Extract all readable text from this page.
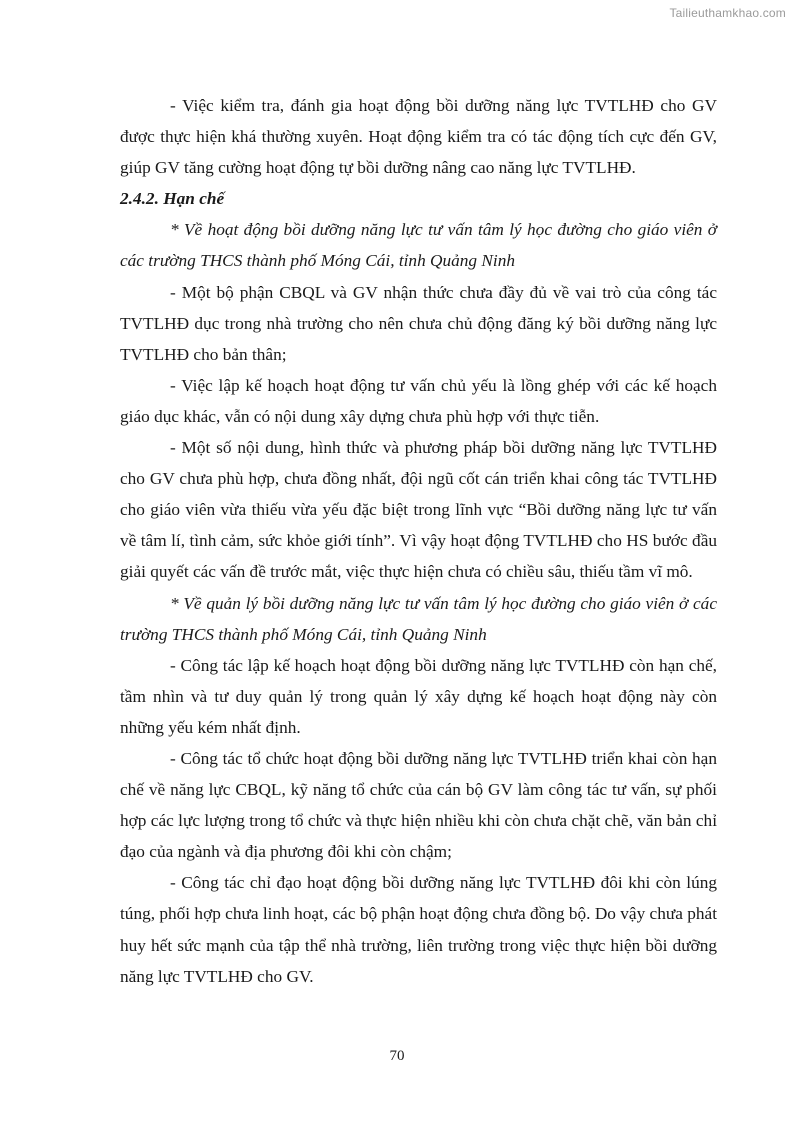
Tailieuthamkhao.com

- Việc kiểm tra, đánh gia hoạt động bồi dưỡng năng lực TVTLHĐ cho GV được thực hiện khá thường xuyên. Hoạt động kiểm tra có tác động tích cực đến GV, giúp GV tăng cường hoạt động tự bồi dưỡng nâng cao năng lực TVTLHĐ.

2.4.2. Hạn chế

* Về hoạt động bồi dưỡng năng lực tư vấn tâm lý học đường cho giáo viên ở các trường THCS thành phố Móng Cái, tỉnh Quảng Ninh

- Một bộ phận CBQL và GV nhận thức chưa đầy đủ về vai trò của công tác TVTLHĐ dục trong nhà trường cho nên chưa chủ động đăng ký bồi dưỡng năng lực TVTLHĐ cho bản thân;

- Việc lập kế hoạch hoạt động tư vấn chủ yếu là lồng ghép với các kế hoạch giáo dục khác, vẫn có nội dung xây dựng chưa phù hợp với thực tiễn.

- Một số nội dung, hình thức và phương pháp bồi dưỡng năng lực TVTLHĐ cho GV chưa phù hợp, chưa đồng nhất, đội ngũ cốt cán triển khai công tác TVTLHĐ cho giáo viên vừa thiếu vừa yếu đặc biệt trong lĩnh vực “Bồi dưỡng năng lực tư vấn về tâm lí, tình cảm, sức khỏe giới tính”. Vì vậy hoạt động TVTLHĐ cho HS bước đầu giải quyết các vấn đề trước mắt, việc thực hiện chưa có chiều sâu, thiếu tầm vĩ mô.

* Về quản lý bồi dưỡng năng lực tư vấn tâm lý học đường cho giáo viên ở các trường THCS thành phố Móng Cái, tỉnh Quảng Ninh

- Công tác lập kế hoạch hoạt động bồi dưỡng năng lực TVTLHĐ còn hạn chế, tầm nhìn và tư duy quản lý trong quản lý xây dựng kế hoạch hoạt động này còn những yếu kém nhất định.

- Công tác tổ chức hoạt động bồi dưỡng năng lực TVTLHĐ triển khai còn hạn chế về năng lực CBQL, kỹ năng tổ chức của cán bộ GV làm công tác tư vấn, sự phối hợp các lực lượng trong tổ chức và thực hiện nhiều khi còn chưa chặt chẽ, văn bản chỉ đạo của ngành và địa phương đôi khi còn chậm;

- Công tác chỉ đạo hoạt động bồi dưỡng năng lực TVTLHĐ đôi khi còn lúng túng, phối hợp chưa linh hoạt, các bộ phận hoạt động chưa đồng bộ. Do vậy chưa phát huy hết sức mạnh của tập thể nhà trường, liên trường trong việc thực hiện bồi dưỡng năng lực TVTLHĐ cho GV.

70
